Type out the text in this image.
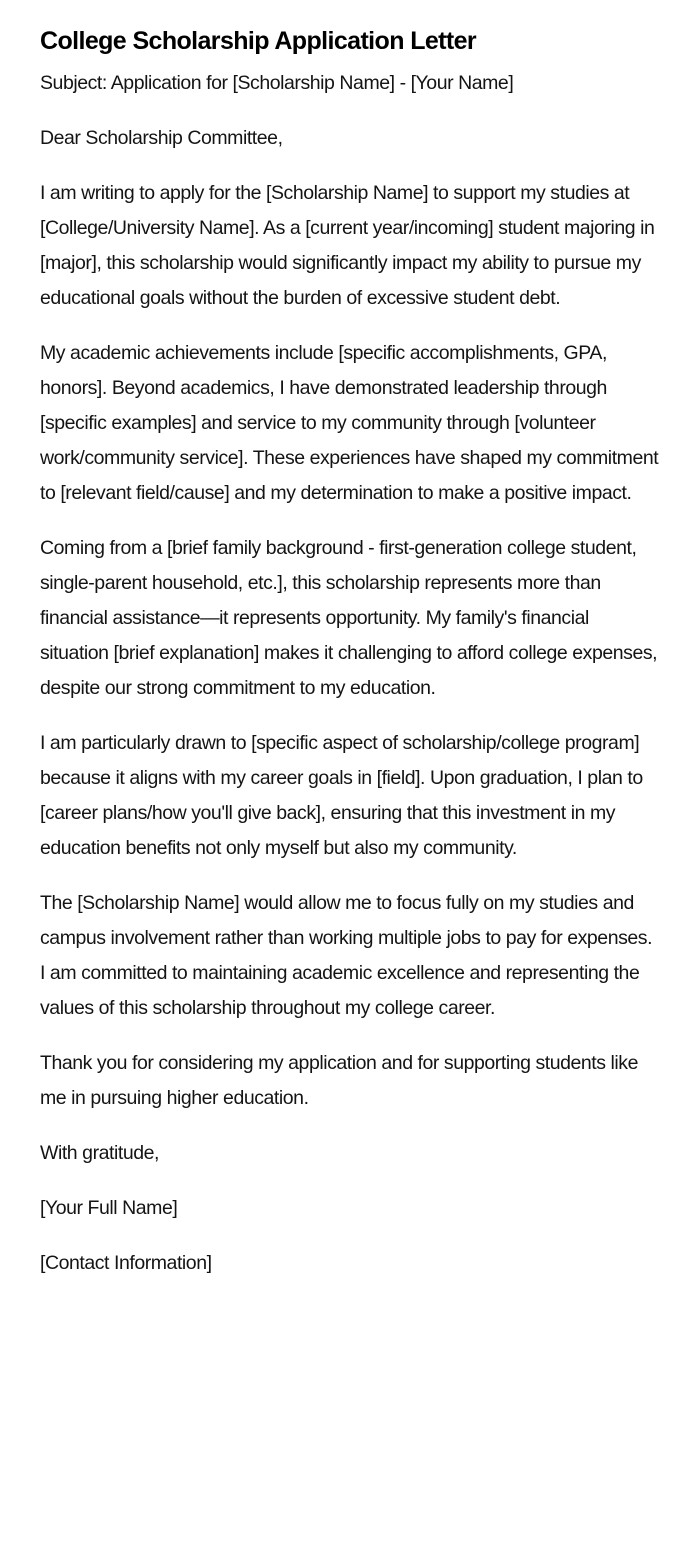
College Scholarship Application Letter

Subject: Application for [Scholarship Name] - [Your Name]

Dear Scholarship Committee,

I am writing to apply for the [Scholarship Name] to support my studies at [College/University Name]. As a [current year/incoming] student majoring in [major], this scholarship would significantly impact my ability to pursue my educational goals without the burden of excessive student debt.

My academic achievements include [specific accomplishments, GPA, honors]. Beyond academics, I have demonstrated leadership through [specific examples] and service to my community through [volunteer work/community service]. These experiences have shaped my commitment to [relevant field/cause] and my determination to make a positive impact.

Coming from a [brief family background - first-generation college student, single-parent household, etc.], this scholarship represents more than financial assistance—it represents opportunity. My family's financial situation [brief explanation] makes it challenging to afford college expenses, despite our strong commitment to my education.

I am particularly drawn to [specific aspect of scholarship/college program] because it aligns with my career goals in [field]. Upon graduation, I plan to [career plans/how you'll give back], ensuring that this investment in my education benefits not only myself but also my community.

The [Scholarship Name] would allow me to focus fully on my studies and campus involvement rather than working multiple jobs to pay for expenses. I am committed to maintaining academic excellence and representing the values of this scholarship throughout my college career.

Thank you for considering my application and for supporting students like me in pursuing higher education.

With gratitude,

[Your Full Name]

[Contact Information]
